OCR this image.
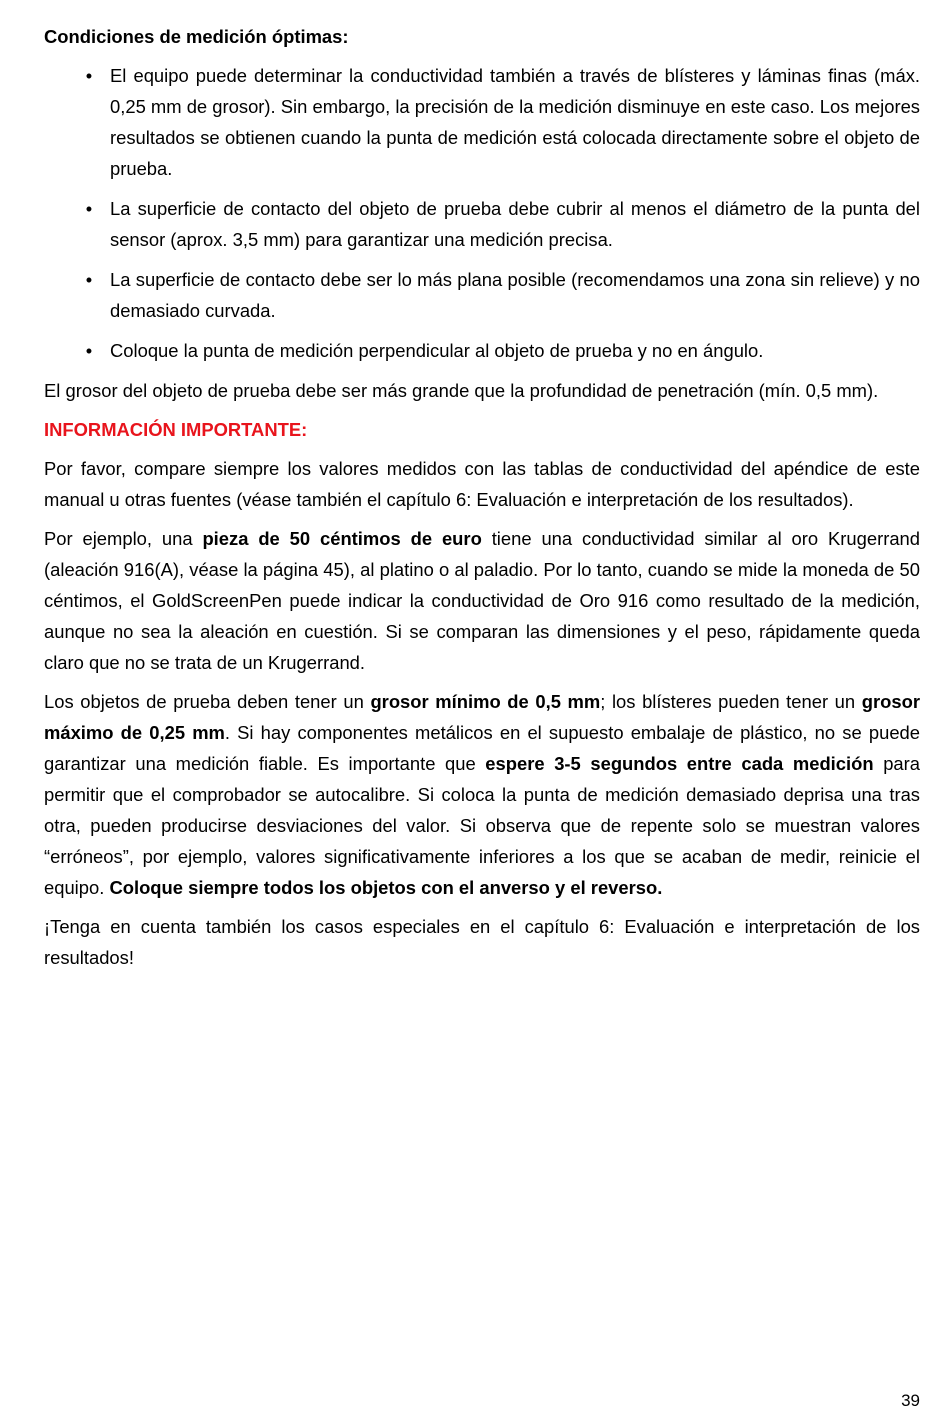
Condiciones de medición óptimas:
• El equipo puede determinar la conductividad también a través de blísteres y láminas finas (máx. 0,25 mm de grosor). Sin embargo, la precisión de la medición disminuye en este caso. Los mejores resultados se obtienen cuando la punta de medición está colocada directamente sobre el objeto de prueba.
• La superficie de contacto del objeto de prueba debe cubrir al menos el diámetro de la punta del sensor (aprox. 3,5 mm) para garantizar una medición precisa.
• La superficie de contacto debe ser lo más plana posible (recomendamos una zona sin relieve) y no demasiado curvada.
• Coloque la punta de medición perpendicular al objeto de prueba y no en ángulo.

El grosor del objeto de prueba debe ser más grande que la profundidad de penetración (mín. 0,5 mm).

INFORMACIÓN IMPORTANTE:

Por favor, compare siempre los valores medidos con las tablas de conductividad del apéndice de este manual u otras fuentes (véase también el capítulo 6: Evaluación e interpretación de los resultados).

Por ejemplo, una pieza de 50 céntimos de euro tiene una conductividad similar al oro Krugerrand (aleación 916(A), véase la página 45), al platino o al paladio. Por lo tanto, cuando se mide la moneda de 50 céntimos, el GoldScreenPen puede indicar la conductividad de Oro 916 como resultado de la medición, aunque no sea la aleación en cuestión. Si se comparan las dimensiones y el peso, rápidamente queda claro que no se trata de un Krugerrand.

Los objetos de prueba deben tener un grosor mínimo de 0,5 mm; los blísteres pueden tener un grosor máximo de 0,25 mm. Si hay componentes metálicos en el supuesto embalaje de plástico, no se puede garantizar una medición fiable. Es importante que espere 3-5 segundos entre cada medición para permitir que el comprobador se autocalibre. Si coloca la punta de medición demasiado deprisa una tras otra, pueden producirse desviaciones del valor. Si observa que de repente solo se muestran valores “erróneos”, por ejemplo, valores significativamente inferiores a los que se acaban de medir, reinicie el equipo. Coloque siempre todos los objetos con el anverso y el reverso.

¡Tenga en cuenta también los casos especiales en el capítulo 6: Evaluación e interpretación de los resultados!

39
